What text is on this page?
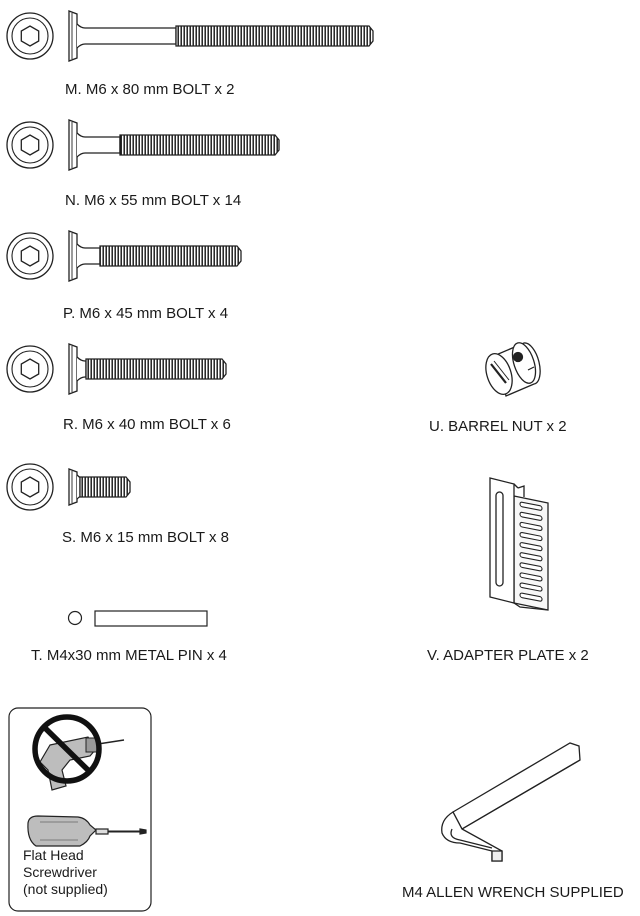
M. M6 x 80 mm BOLT x 2
N. M6 x 55 mm BOLT x 14
P. M6 x 45 mm BOLT x 4
R. M6 x 40 mm BOLT x 6
S. M6 x 15 mm BOLT x 8
T. M4x30 mm METAL PIN x 4
U. BARREL NUT x 2
V. ADAPTER PLATE x 2
M4 ALLEN WRENCH SUPPLIED
Flat Head
Screwdriver
(not supplied)
